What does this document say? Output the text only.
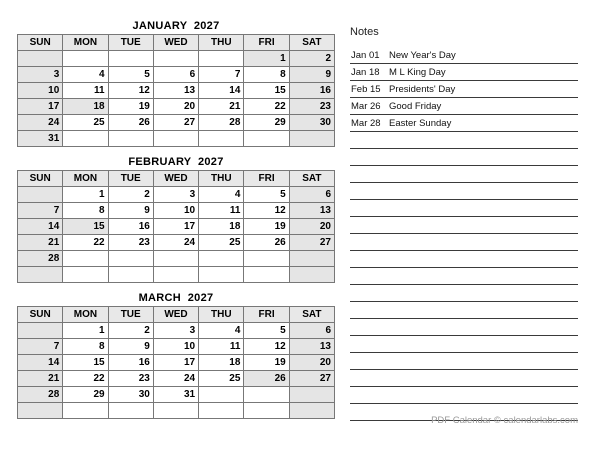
JANUARY  2027
SUN	MON	TUE	WED	THU	FRI	SAT
					1	2
3	4	5	6	7	8	9
10	11	12	13	14	15	16
17	18	19	20	21	22	23
24	25	26	27	28	29	30
31						
FEBRUARY  2027
SUN	MON	TUE	WED	THU	FRI	SAT
	1	2	3	4	5	6
7	8	9	10	11	12	13
14	15	16	17	18	19	20
21	22	23	24	25	26	27
28						

MARCH  2027
SUN	MON	TUE	WED	THU	FRI	SAT
	1	2	3	4	5	6
7	8	9	10	11	12	13
14	15	16	17	18	19	20
21	22	23	24	25	26	27
28	29	30	31			

Notes
Jan 01 New Year's Day
Jan 18 M L King Day
Feb 15 Presidents' Day
Mar 26 Good Friday
Mar 28 Easter Sunday
PDF Calendar © calendarlabs.com
